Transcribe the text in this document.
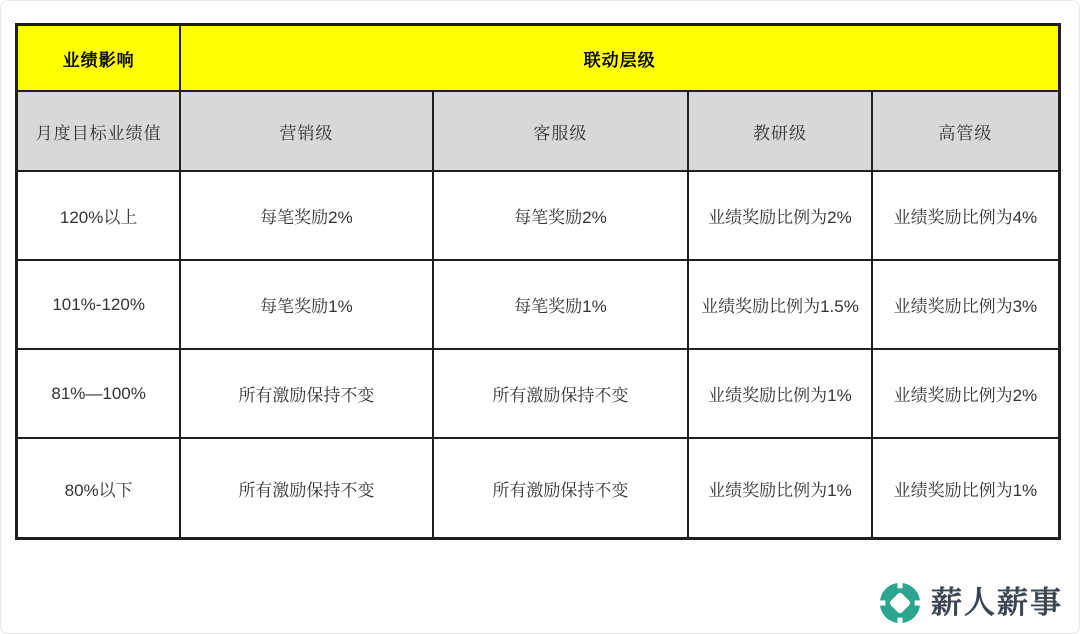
业绩影响	联动层级			
月度目标业绩值	营销级	客服级	教研级	高管级
120%以上	每笔奖励2%	每笔奖励2%	业绩奖励比例为2%	业绩奖励比例为4%
101%-120%	每笔奖励1%	每笔奖励1%	业绩奖励比例为1.5%	业绩奖励比例为3%
81%—100%	所有激励保持不变	所有激励保持不变	业绩奖励比例为1%	业绩奖励比例为2%
80%以下	所有激励保持不变	所有激励保持不变	业绩奖励比例为1%	业绩奖励比例为1%
薪人薪事
